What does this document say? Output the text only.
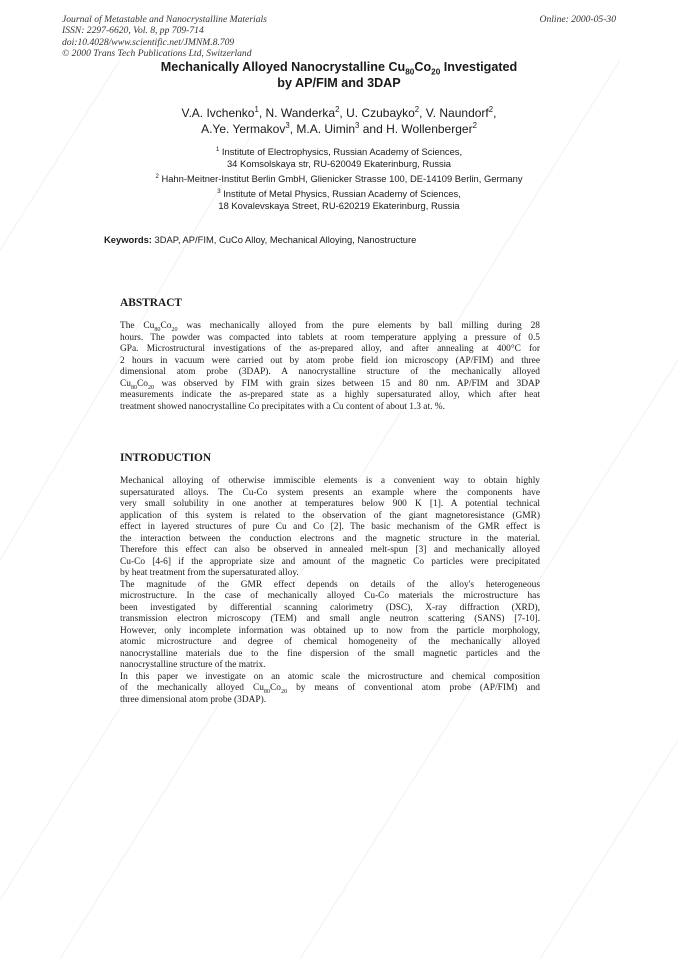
Journal of Metastable and Nanocrystalline Materials
ISSN: 2297-6620, Vol. 8, pp 709-714
doi:10.4028/www.scientific.net/JMNM.8.709
© 2000 Trans Tech Publications Ltd, Switzerland
Online: 2000-05-30
Mechanically Alloyed Nanocrystalline $Cu_{80}Co_{20}$ Investigated
by AP/FIM and 3DAP
V.A. Ivchenko$^1$, N. Wanderka$^2$, U. Czubayko$^2$, V. Naundorf$^2$,
A.Ye. Yermakov$^3$, M.A. Uimin$^3$ and H. Wollenberger$^2$
$^1$ Institute of Electrophysics, Russian Academy of Sciences,
34 Komsolskaya str, RU-620049 Ekaterinburg, Russia
$^2$ Hahn-Meitner-Institut Berlin GmbH, Glienicker Strasse 100, DE-14109 Berlin, Germany
$^3$ Institute of Metal Physics, Russian Academy of Sciences,
18 Kovalevskaya Street, RU-620219 Ekaterinburg, Russia
Keywords: 3DAP, AP/FIM, CuCo Alloy, Mechanical Alloying, Nanostructure
ABSTRACT
The $Cu_{80}Co_{20}$ was mechanically alloyed from the pure elements by ball milling during 28
hours. The powder was compacted into tablets at room temperature applying a pressure of 0.5
GPa. Microstructural investigations of the as-prepared alloy, and after annealing at 400°C for
2 hours in vacuum were carried out by atom probe field ion microscopy (AP/FIM) and three
dimensional atom probe (3DAP). A nanocrystalline structure of the mechanically alloyed
$Cu_{80}Co_{20}$ was observed by FIM with grain sizes between 15 and 80 nm. AP/FIM and 3DAP
measurements indicate the as-prepared state as a highly supersaturated alloy, which after heat
treatment showed nanocrystalline Co precipitates with a Cu content of about 1.3 at. %.
INTRODUCTION
Mechanical alloying of otherwise immiscible elements is a convenient way to obtain highly
supersaturated alloys. The Cu-Co system presents an example where the components have
very small solubility in one another at temperatures below 900 K [1]. A potential technical
application of this system is related to the observation of the giant magnetoresistance (GMR)
effect in layered structures of pure Cu and Co [2]. The basic mechanism of the GMR effect is
the interaction between the conduction electrons and the magnetic structure in the material.
Therefore this effect can also be observed in annealed melt-spun [3] and mechanically alloyed
Cu-Co [4-6] if the appropriate size and amount of the magnetic Co particles were precipitated
by heat treatment from the supersaturated alloy.
The magnitude of the GMR effect depends on details of the alloy's heterogeneous
microstructure. In the case of mechanically alloyed Cu-Co materials the microstructure has
been investigated by differential scanning calorimetry (DSC), X-ray diffraction (XRD),
transmission electron microscopy (TEM) and small angle neutron scattering (SANS) [7-10].
However, only incomplete information was obtained up to now from the particle morphology,
atomic microstructure and degree of chemical homogeneity of the mechanically alloyed
nanocrystalline materials due to the fine dispersion of the small magnetic particles and the
nanocrystalline structure of the matrix.
In this paper we investigate on an atomic scale the microstructure and chemical composition
of the mechanically alloyed $Cu_{80}Co_{20}$ by means of conventional atom probe (AP/FIM) and
three dimensional atom probe (3DAP).
